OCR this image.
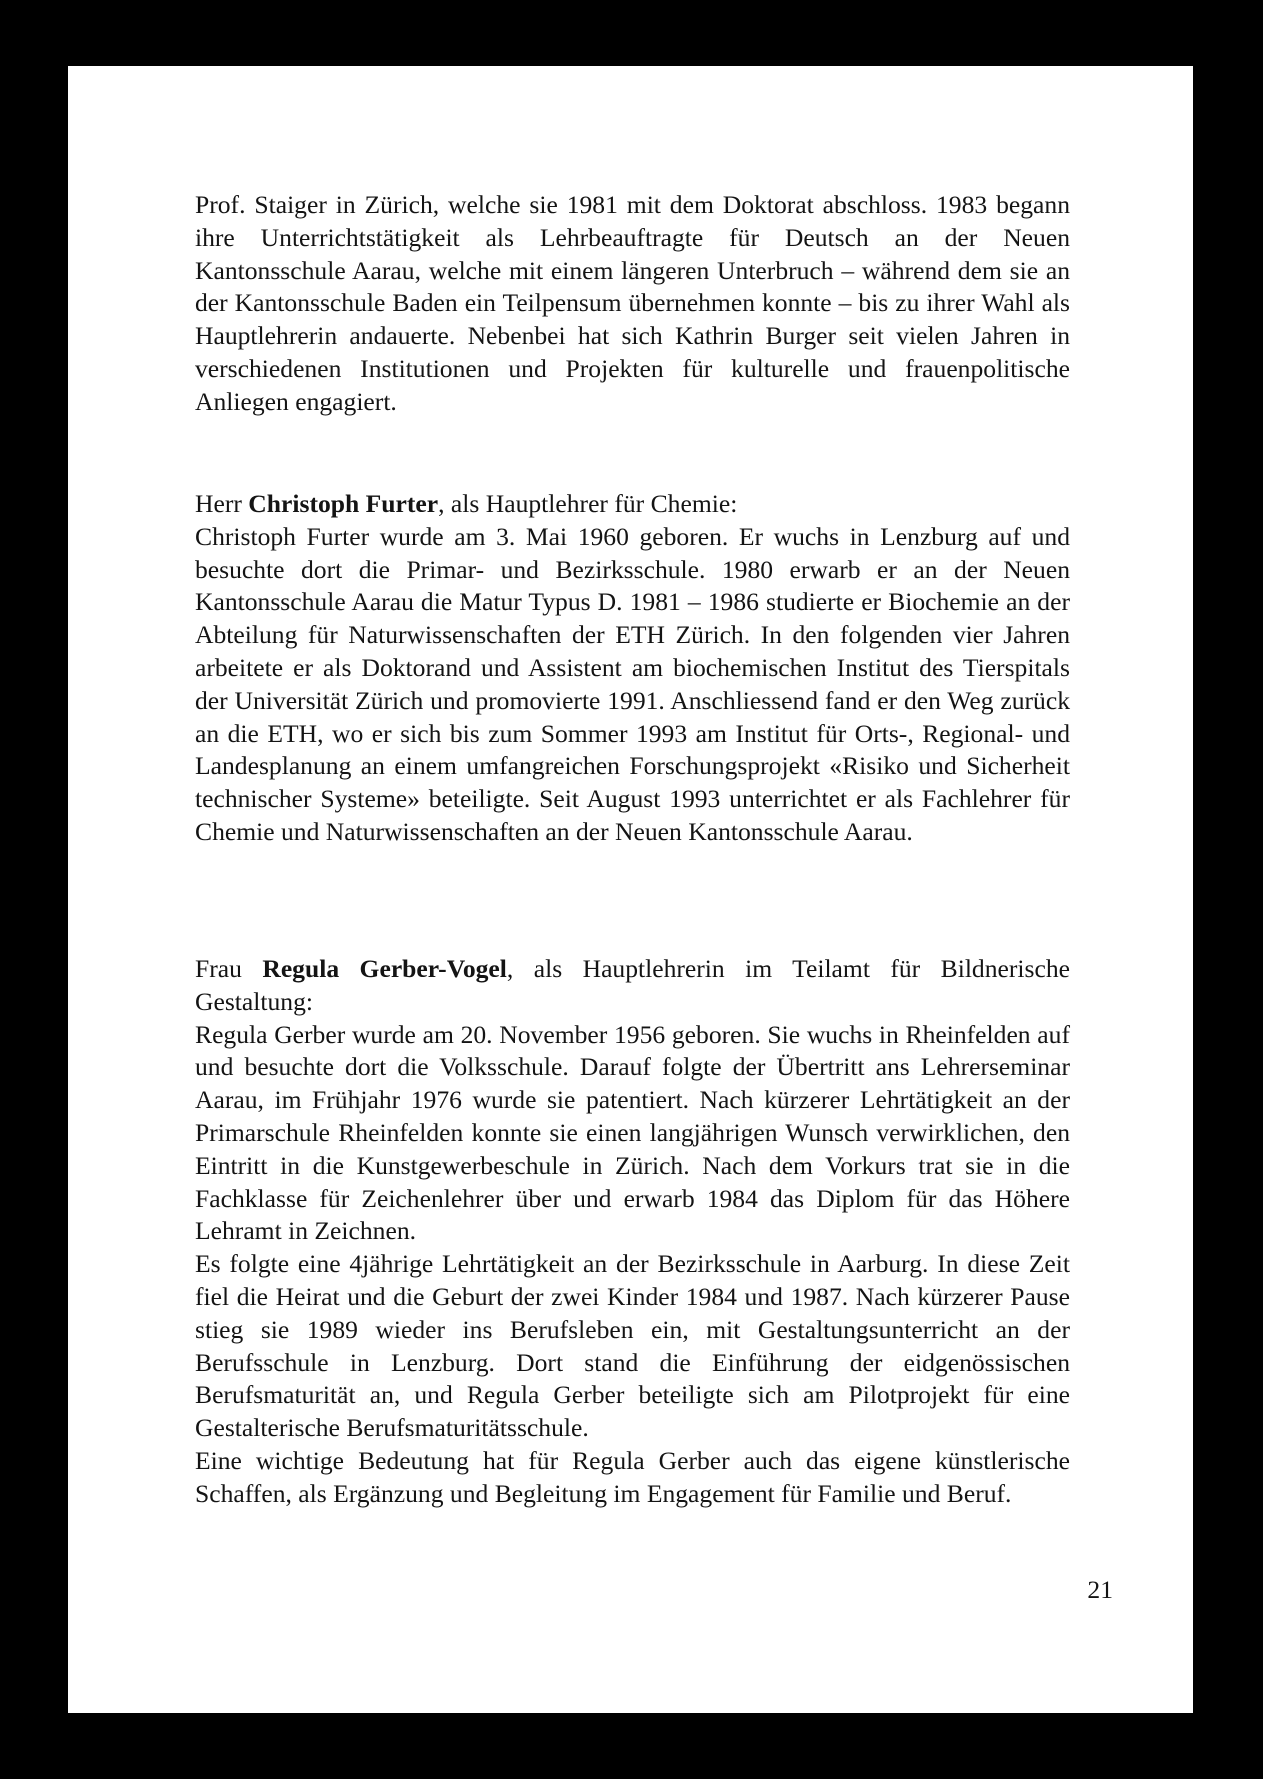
Prof. Staiger in Zürich, welche sie 1981 mit dem Doktorat abschloss. 1983 begann ihre Unterrichtstätigkeit als Lehrbeauftragte für Deutsch an der Neuen Kantonsschule Aarau, welche mit einem längeren Unterbruch – während dem sie an der Kantonsschule Baden ein Teilpensum übernehmen konnte – bis zu ihrer Wahl als Hauptlehrerin andauerte. Nebenbei hat sich Kathrin Burger seit vielen Jahren in verschiedenen Institutionen und Projekten für kulturelle und frauenpolitische Anliegen engagiert.

Herr Christoph Furter, als Hauptlehrer für Chemie:

Christoph Furter wurde am 3. Mai 1960 geboren. Er wuchs in Lenzburg auf und besuchte dort die Primar- und Bezirksschule. 1980 erwarb er an der Neuen Kantonsschule Aarau die Matur Typus D. 1981 – 1986 studierte er Biochemie an der Abteilung für Naturwissenschaften der ETH Zürich. In den folgenden vier Jahren arbeitete er als Doktorand und Assistent am biochemischen Institut des Tierspitals der Universität Zürich und promovierte 1991. Anschliessend fand er den Weg zurück an die ETH, wo er sich bis zum Sommer 1993 am Institut für Orts-, Regional- und Landesplanung an einem umfangreichen Forschungsprojekt «Risiko und Sicherheit technischer Systeme» beteiligte. Seit August 1993 unterrichtet er als Fachlehrer für Chemie und Naturwissenschaften an der Neuen Kantonsschule Aarau.

Frau Regula Gerber-Vogel, als Hauptlehrerin im Teilamt für Bildnerische Gestaltung:

Regula Gerber wurde am 20. November 1956 geboren. Sie wuchs in Rheinfelden auf und besuchte dort die Volksschule. Darauf folgte der Übertritt ans Lehrerseminar Aarau, im Frühjahr 1976 wurde sie patentiert. Nach kürzerer Lehrtätigkeit an der Primarschule Rheinfelden konnte sie einen langjährigen Wunsch verwirklichen, den Eintritt in die Kunstgewerbeschule in Zürich. Nach dem Vorkurs trat sie in die Fachklasse für Zeichenlehrer über und erwarb 1984 das Diplom für das Höhere Lehramt in Zeichnen.

Es folgte eine 4jährige Lehrtätigkeit an der Bezirksschule in Aarburg. In diese Zeit fiel die Heirat und die Geburt der zwei Kinder 1984 und 1987. Nach kürzerer Pause stieg sie 1989 wieder ins Berufsleben ein, mit Gestaltungsunterricht an der Berufsschule in Lenzburg. Dort stand die Einführung der eidgenössischen Berufsmaturität an, und Regula Gerber beteiligte sich am Pilotprojekt für eine Gestalterische Berufsmaturitätsschule.

Eine wichtige Bedeutung hat für Regula Gerber auch das eigene künstlerische Schaffen, als Ergänzung und Begleitung im Engagement für Familie und Beruf.

21
